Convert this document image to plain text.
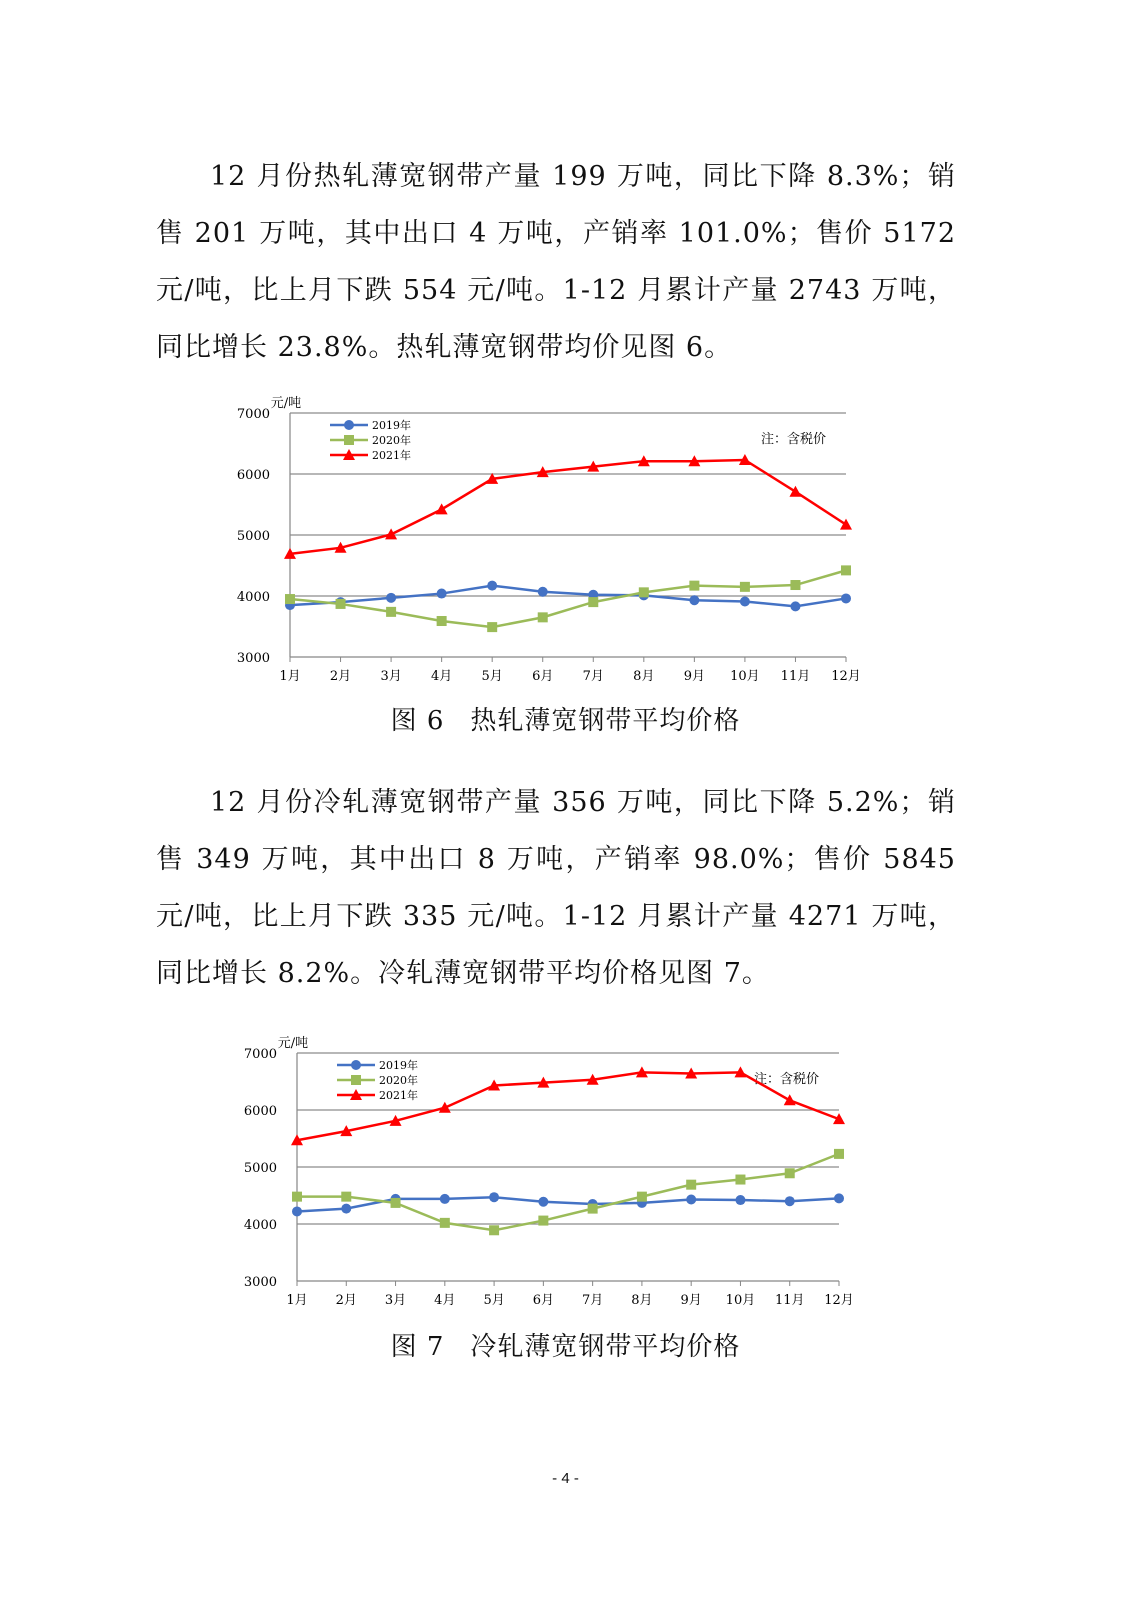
12 月份热轧薄宽钢带产量 199 万吨，同比下降 8.3%；销售 201 万吨，其中出口 4 万吨，产销率 101.0%；售价 5172 元/吨，比上月下跌 554 元/吨。1-12 月累计产量 2743 万吨，同比增长 23.8%。热轧薄宽钢带均价见图 6。

3000
4000
5000
6000
7000
1月 2月 3月 4月 5月 6月 7月 8月 9月 10月 11月 12月
元/吨
注：含税价
2019年
2020年
2021年
图 6 热轧薄宽钢带平均价格

12 月份冷轧薄宽钢带产量 356 万吨，同比下降 5.2%；销售 349 万吨，其中出口 8 万吨，产销率 98.0%；售价 5845 元/吨，比上月下跌 335 元/吨。1-12 月累计产量 4271 万吨，同比增长 8.2%。冷轧薄宽钢带平均价格见图 7。

3000
4000
5000
6000
7000
1月 2月 3月 4月 5月 6月 7月 8月 9月 10月 11月 12月
元/吨
注：含税价
2019年
2020年
2021年
图 7 冷轧薄宽钢带平均价格
- 4 -
